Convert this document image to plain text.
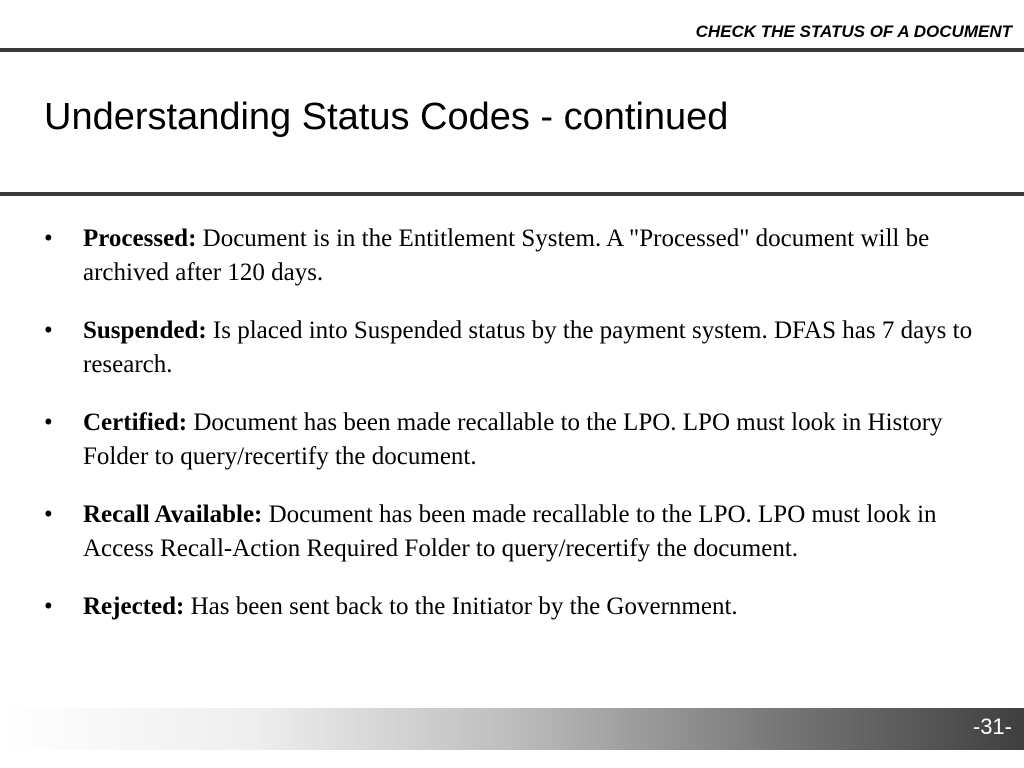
CHECK THE STATUS OF A DOCUMENT
Understanding Status Codes - continued
• Processed: Document is in the Entitlement System. A "Processed" document will be archived after 120 days.
• Suspended: Is placed into Suspended status by the payment system. DFAS has 7 days to research.
• Certified: Document has been made recallable to the LPO. LPO must look in History Folder to query/recertify the document.
• Recall Available: Document has been made recallable to the LPO. LPO must look in Access Recall-Action Required Folder to query/recertify the document.
• Rejected: Has been sent back to the Initiator by the Government.
-31-
